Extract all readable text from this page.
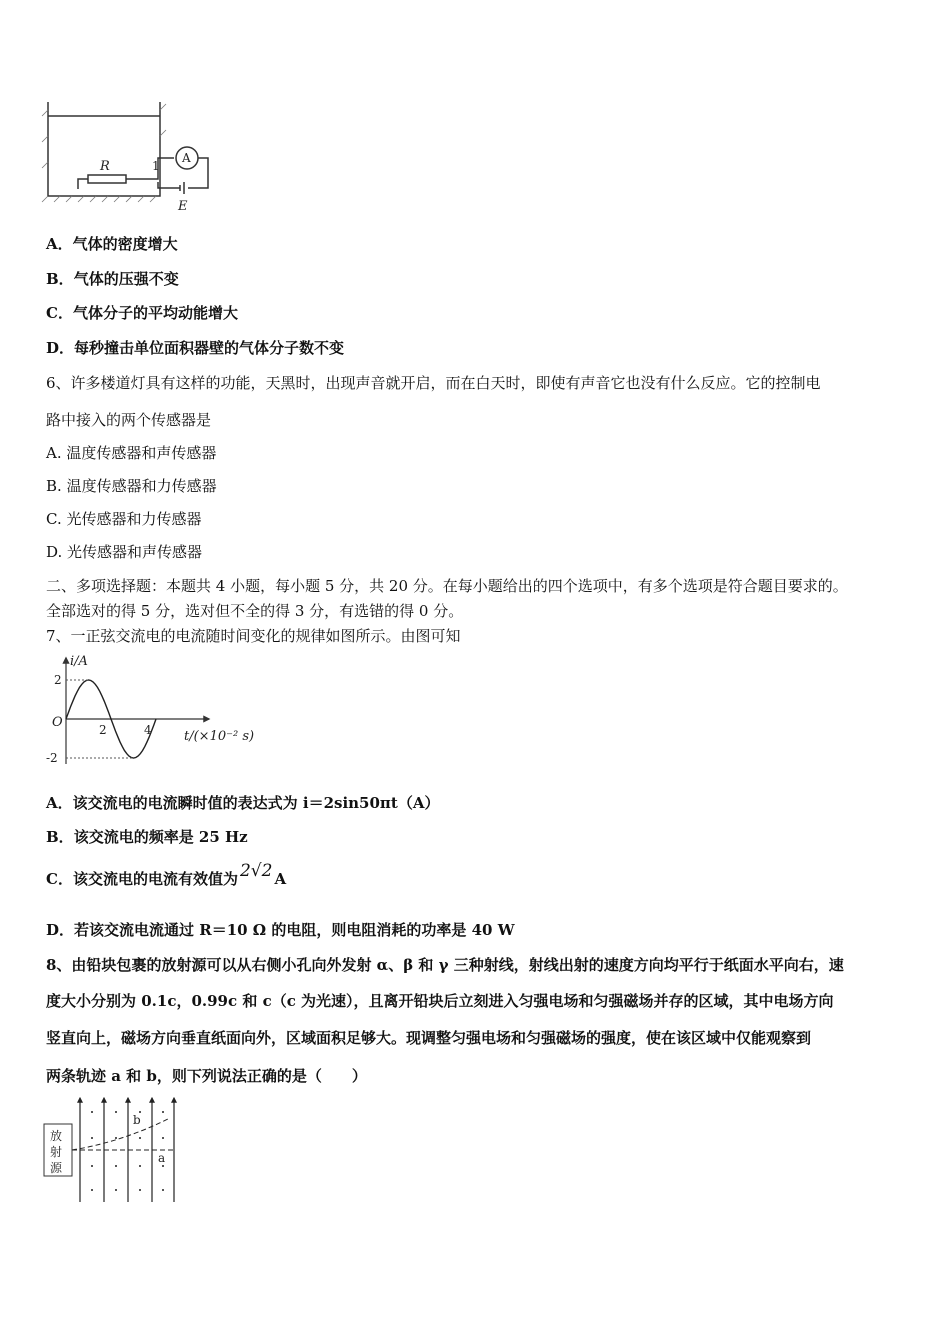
R	1
A
E
A．气体的密度增大
B．气体的压强不变
C．气体分子的平均动能增大
D．每秒撞击单位面积器壁的气体分子数不变
6、许多楼道灯具有这样的功能，天黑时，出现声音就开启，而在白天时，即使有声音它也没有什么反应。它的控制电
路中接入的两个传感器是
A. 温度传感器和声传感器
B. 温度传感器和力传感器
C. 光传感器和力传感器
D. 光传感器和声传感器
二、多项选择题：本题共 4 小题，每小题 5 分，共 20 分。在每小题给出的四个选项中，有多个选项是符合题目要求的。
全部选对的得 5 分，选对但不全的得 3 分，有选错的得 0 分。
7、一正弦交流电的电流随时间变化的规律如图所示。由图可知
2
-2
2	4
i/A
t/(×10⁻² s)
O
A．该交流电的电流瞬时值的表达式为 i＝2sin50πt（A）
B．该交流电的频率是 25 Hz
C．该交流电的电流有效值为 2√2 A
D．若该交流电流通过 R＝10 Ω 的电阻，则电阻消耗的功率是 40 W
8、由铅块包裹的放射源可以从右侧小孔向外发射 α、β 和 γ 三种射线，射线出射的速度方向均平行于纸面水平向右，速
度大小分别为 0.1c，0.99c 和 c（c 为光速），且离开铅块后立刻进入匀强电场和匀强磁场并存的区域，其中电场方向
竖直向上，磁场方向垂直纸面向外，区域面积足够大。现调整匀强电场和匀强磁场的强度，使在该区域中仅能观察到
两条轨迹 a 和 b，则下列说法正确的是（　　）
放
射
源
b
a
